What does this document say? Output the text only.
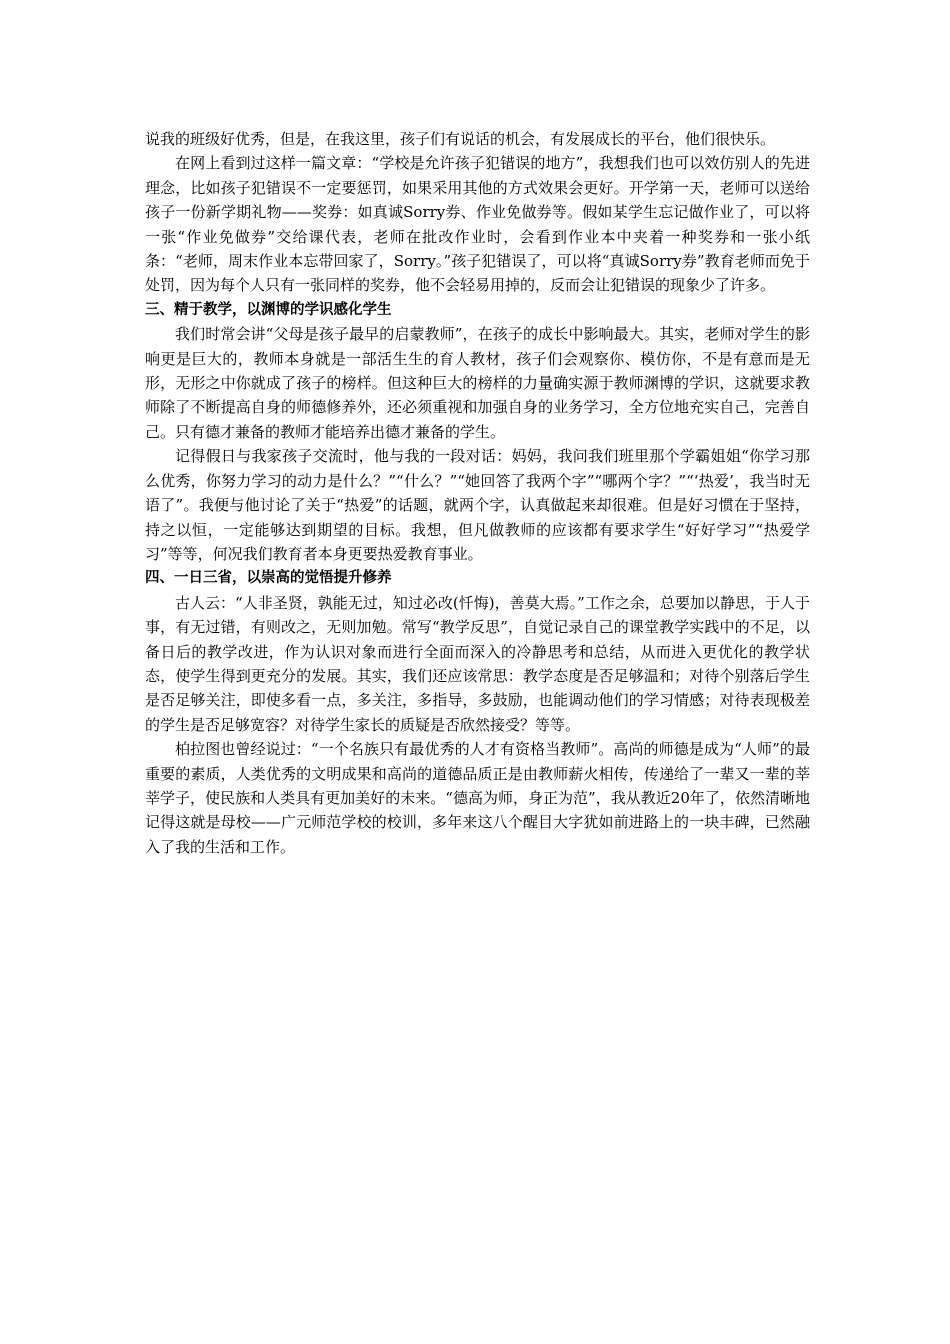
说我的班级好优秀，但是，在我这里，孩子们有说话的机会，有发展成长的平台，他们很快乐。

在网上看到过这样一篇文章：“学校是允许孩子犯错误的地方”，我想我们也可以效仿别人的先进理念，比如孩子犯错误不一定要惩罚，如果采用其他的方式效果会更好。开学第一天，老师可以送给孩子一份新学期礼物——奖券：如真诚Sorry券、作业免做券等。假如某学生忘记做作业了，可以将一张“作业免做券”交给课代表，老师在批改作业时，会看到作业本中夹着一种奖券和一张小纸条：“老师，周末作业本忘带回家了，Sorry。”孩子犯错误了，可以将“真诚Sorry券”教育老师而免于处罚，因为每个人只有一张同样的奖券，他不会轻易用掉的，反而会让犯错误的现象少了许多。

三、精于教学，以渊博的学识感化学生

我们时常会讲“父母是孩子最早的启蒙教师”，在孩子的成长中影响最大。其实，老师对学生的影响更是巨大的，教师本身就是一部活生生的育人教材，孩子们会观察你、模仿你，不是有意而是无形，无形之中你就成了孩子的榜样。但这种巨大的榜样的力量确实源于教师渊博的学识，这就要求教师除了不断提高自身的师德修养外，还必须重视和加强自身的业务学习，全方位地充实自己，完善自己。只有德才兼备的教师才能培养出德才兼备的学生。

记得假日与我家孩子交流时，他与我的一段对话：妈妈，我问我们班里那个学霸姐姐“你学习那么优秀，你努力学习的动力是什么？”“什么？”“她回答了我两个字”“哪两个字？”“‘热爱’，我当时无语了”。我便与他讨论了关于“热爱”的话题，就两个字，认真做起来却很难。但是好习惯在于坚持，持之以恒，一定能够达到期望的目标。我想，但凡做教师的应该都有要求学生“好好学习”“热爱学习”等等，何况我们教育者本身更要热爱教育事业。

四、一日三省，以崇高的觉悟提升修养

古人云：“人非圣贤，孰能无过，知过必改(忏悔)，善莫大焉。”工作之余，总要加以静思，于人于事，有无过错，有则改之，无则加勉。常写“教学反思”，自觉记录自己的课堂教学实践中的不足，以备日后的教学改进，作为认识对象而进行全面而深入的冷静思考和总结，从而进入更优化的教学状态，使学生得到更充分的发展。其实，我们还应该常思：教学态度是否足够温和；对待个别落后学生是否足够关注，即使多看一点，多关注，多指导，多鼓励，也能调动他们的学习情感；对待表现极差的学生是否足够宽容？对待学生家长的质疑是否欣然接受？等等。

柏拉图也曾经说过：“一个名族只有最优秀的人才有资格当教师”。高尚的师德是成为“人师”的最重要的素质，人类优秀的文明成果和高尚的道德品质正是由教师薪火相传，传递给了一辈又一辈的莘莘学子，使民族和人类具有更加美好的未来。“德高为师，身正为范”，我从教近20年了，依然清晰地记得这就是母校——广元师范学校的校训，多年来这八个醒目大字犹如前进路上的一块丰碑，已然融入了我的生活和工作。
